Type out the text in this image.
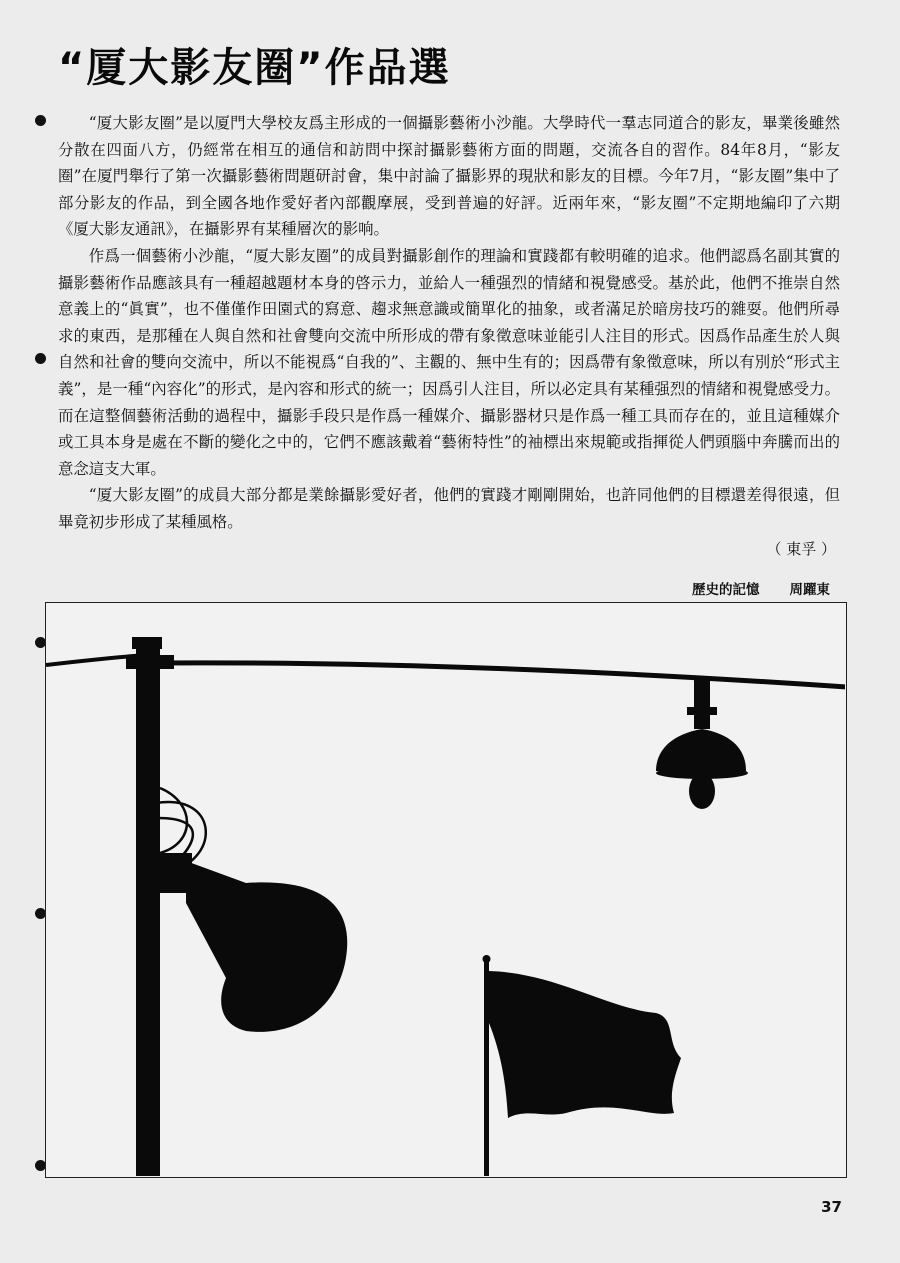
“厦大影友圈”作品選

“厦大影友圈”是以厦門大學校友爲主形成的一個攝影藝術小沙龍。大學時代一羣志同道合的影友，畢業後雖然分散在四面八方，仍經常在相互的通信和訪問中探討攝影藝術方面的問題，交流各自的習作。84年8月，“影友圈”在厦門舉行了第一次攝影藝術問題研討會，集中討論了攝影界的現狀和影友的目標。今年7月，“影友圈”集中了部分影友的作品，到全國各地作愛好者內部觀摩展，受到普遍的好評。近兩年來，“影友圈”不定期地編印了六期《厦大影友通訊》，在攝影界有某種層次的影响。

作爲一個藝術小沙龍，“厦大影友圈”的成員對攝影創作的理論和實踐都有較明確的追求。他們認爲名副其實的攝影藝術作品應該具有一種超越題材本身的啓示力，並給人一種强烈的情緒和視覺感受。基於此，他們不推崇自然意義上的“眞實”，也不僅僅作田園式的寫意、趨求無意識或簡單化的抽象，或者滿足於暗房技巧的雜耍。他們所尋求的東西，是那種在人與自然和社會雙向交流中所形成的帶有象徵意味並能引人注目的形式。因爲作品產生於人與自然和社會的雙向交流中，所以不能視爲“自我的”、主觀的、無中生有的；因爲帶有象徵意味，所以有別於“形式主義”，是一種“內容化”的形式，是內容和形式的統一；因爲引人注目，所以必定具有某種强烈的情緒和視覺感受力。而在這整個藝術活動的過程中，攝影手段只是作爲一種媒介、攝影器材只是作爲一種工具而存在的，並且這種媒介或工具本身是處在不斷的變化之中的，它們不應該戴着“藝術特性”的袖標出來規範或指揮從人們頭腦中奔騰而出的意念這支大軍。

“厦大影友圈”的成員大部分都是業餘攝影愛好者，他們的實踐才剛剛開始，也許同他們的目標還差得很遠，但畢竟初步形成了某種風格。

（ 東孚 ）
歷史的記憶 周躍東
37
